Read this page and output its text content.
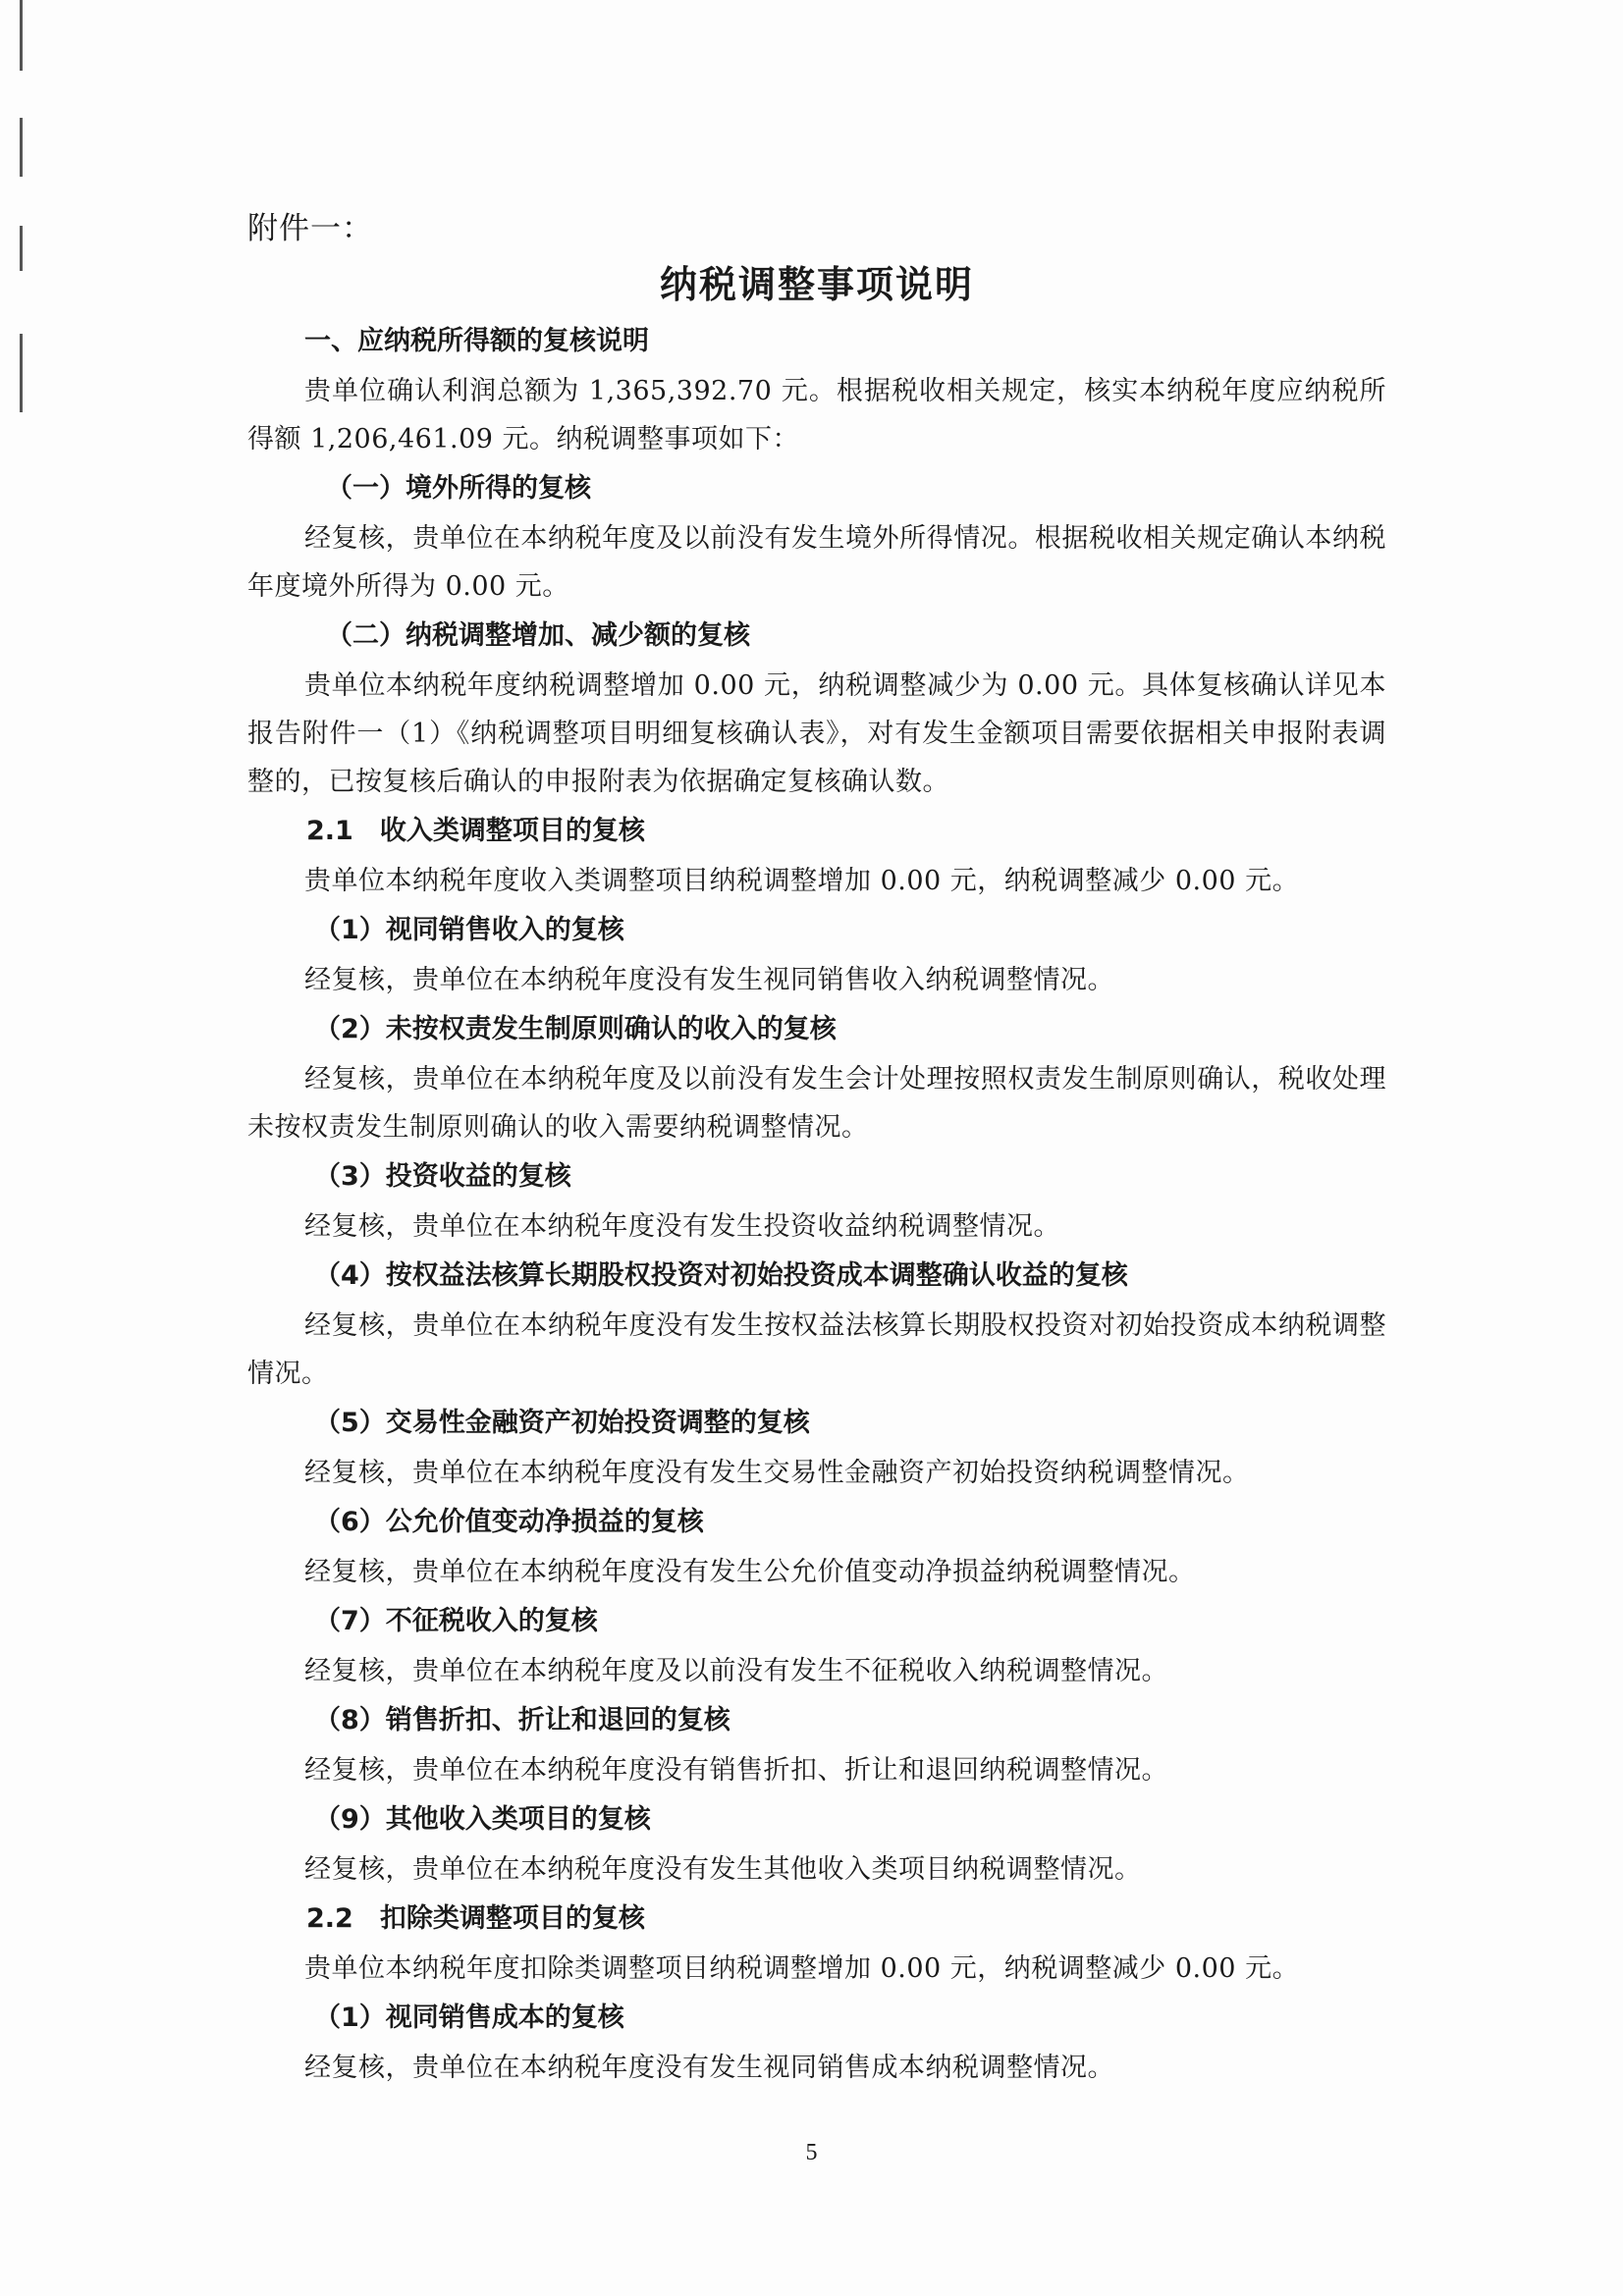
附件一：
纳税调整事项说明
一、应纳税所得额的复核说明
贵单位确认利润总额为 1,365,392.70 元。根据税收相关规定，核实本纳税年度应纳税所得额 1,206,461.09 元。纳税调整事项如下：
（一）境外所得的复核
经复核，贵单位在本纳税年度及以前没有发生境外所得情况。根据税收相关规定确认本纳税年度境外所得为 0.00 元。
（二）纳税调整增加、减少额的复核
贵单位本纳税年度纳税调整增加 0.00 元，纳税调整减少为 0.00 元。具体复核确认详见本报告附件一（1）《纳税调整项目明细复核确认表》，对有发生金额项目需要依据相关申报附表调整的，已按复核后确认的申报附表为依据确定复核确认数。
2.1　收入类调整项目的复核
贵单位本纳税年度收入类调整项目纳税调整增加 0.00 元，纳税调整减少 0.00 元。
（1）视同销售收入的复核
经复核，贵单位在本纳税年度没有发生视同销售收入纳税调整情况。
（2）未按权责发生制原则确认的收入的复核
经复核，贵单位在本纳税年度及以前没有发生会计处理按照权责发生制原则确认，税收处理未按权责发生制原则确认的收入需要纳税调整情况。
（3）投资收益的复核
经复核，贵单位在本纳税年度没有发生投资收益纳税调整情况。
（4）按权益法核算长期股权投资对初始投资成本调整确认收益的复核
经复核，贵单位在本纳税年度没有发生按权益法核算长期股权投资对初始投资成本纳税调整情况。
（5）交易性金融资产初始投资调整的复核
经复核，贵单位在本纳税年度没有发生交易性金融资产初始投资纳税调整情况。
（6）公允价值变动净损益的复核
经复核，贵单位在本纳税年度没有发生公允价值变动净损益纳税调整情况。
（7）不征税收入的复核
经复核，贵单位在本纳税年度及以前没有发生不征税收入纳税调整情况。
（8）销售折扣、折让和退回的复核
经复核，贵单位在本纳税年度没有销售折扣、折让和退回纳税调整情况。
（9）其他收入类项目的复核
经复核，贵单位在本纳税年度没有发生其他收入类项目纳税调整情况。
2.2　扣除类调整项目的复核
贵单位本纳税年度扣除类调整项目纳税调整增加 0.00 元，纳税调整减少 0.00 元。
（1）视同销售成本的复核
经复核，贵单位在本纳税年度没有发生视同销售成本纳税调整情况。
5
